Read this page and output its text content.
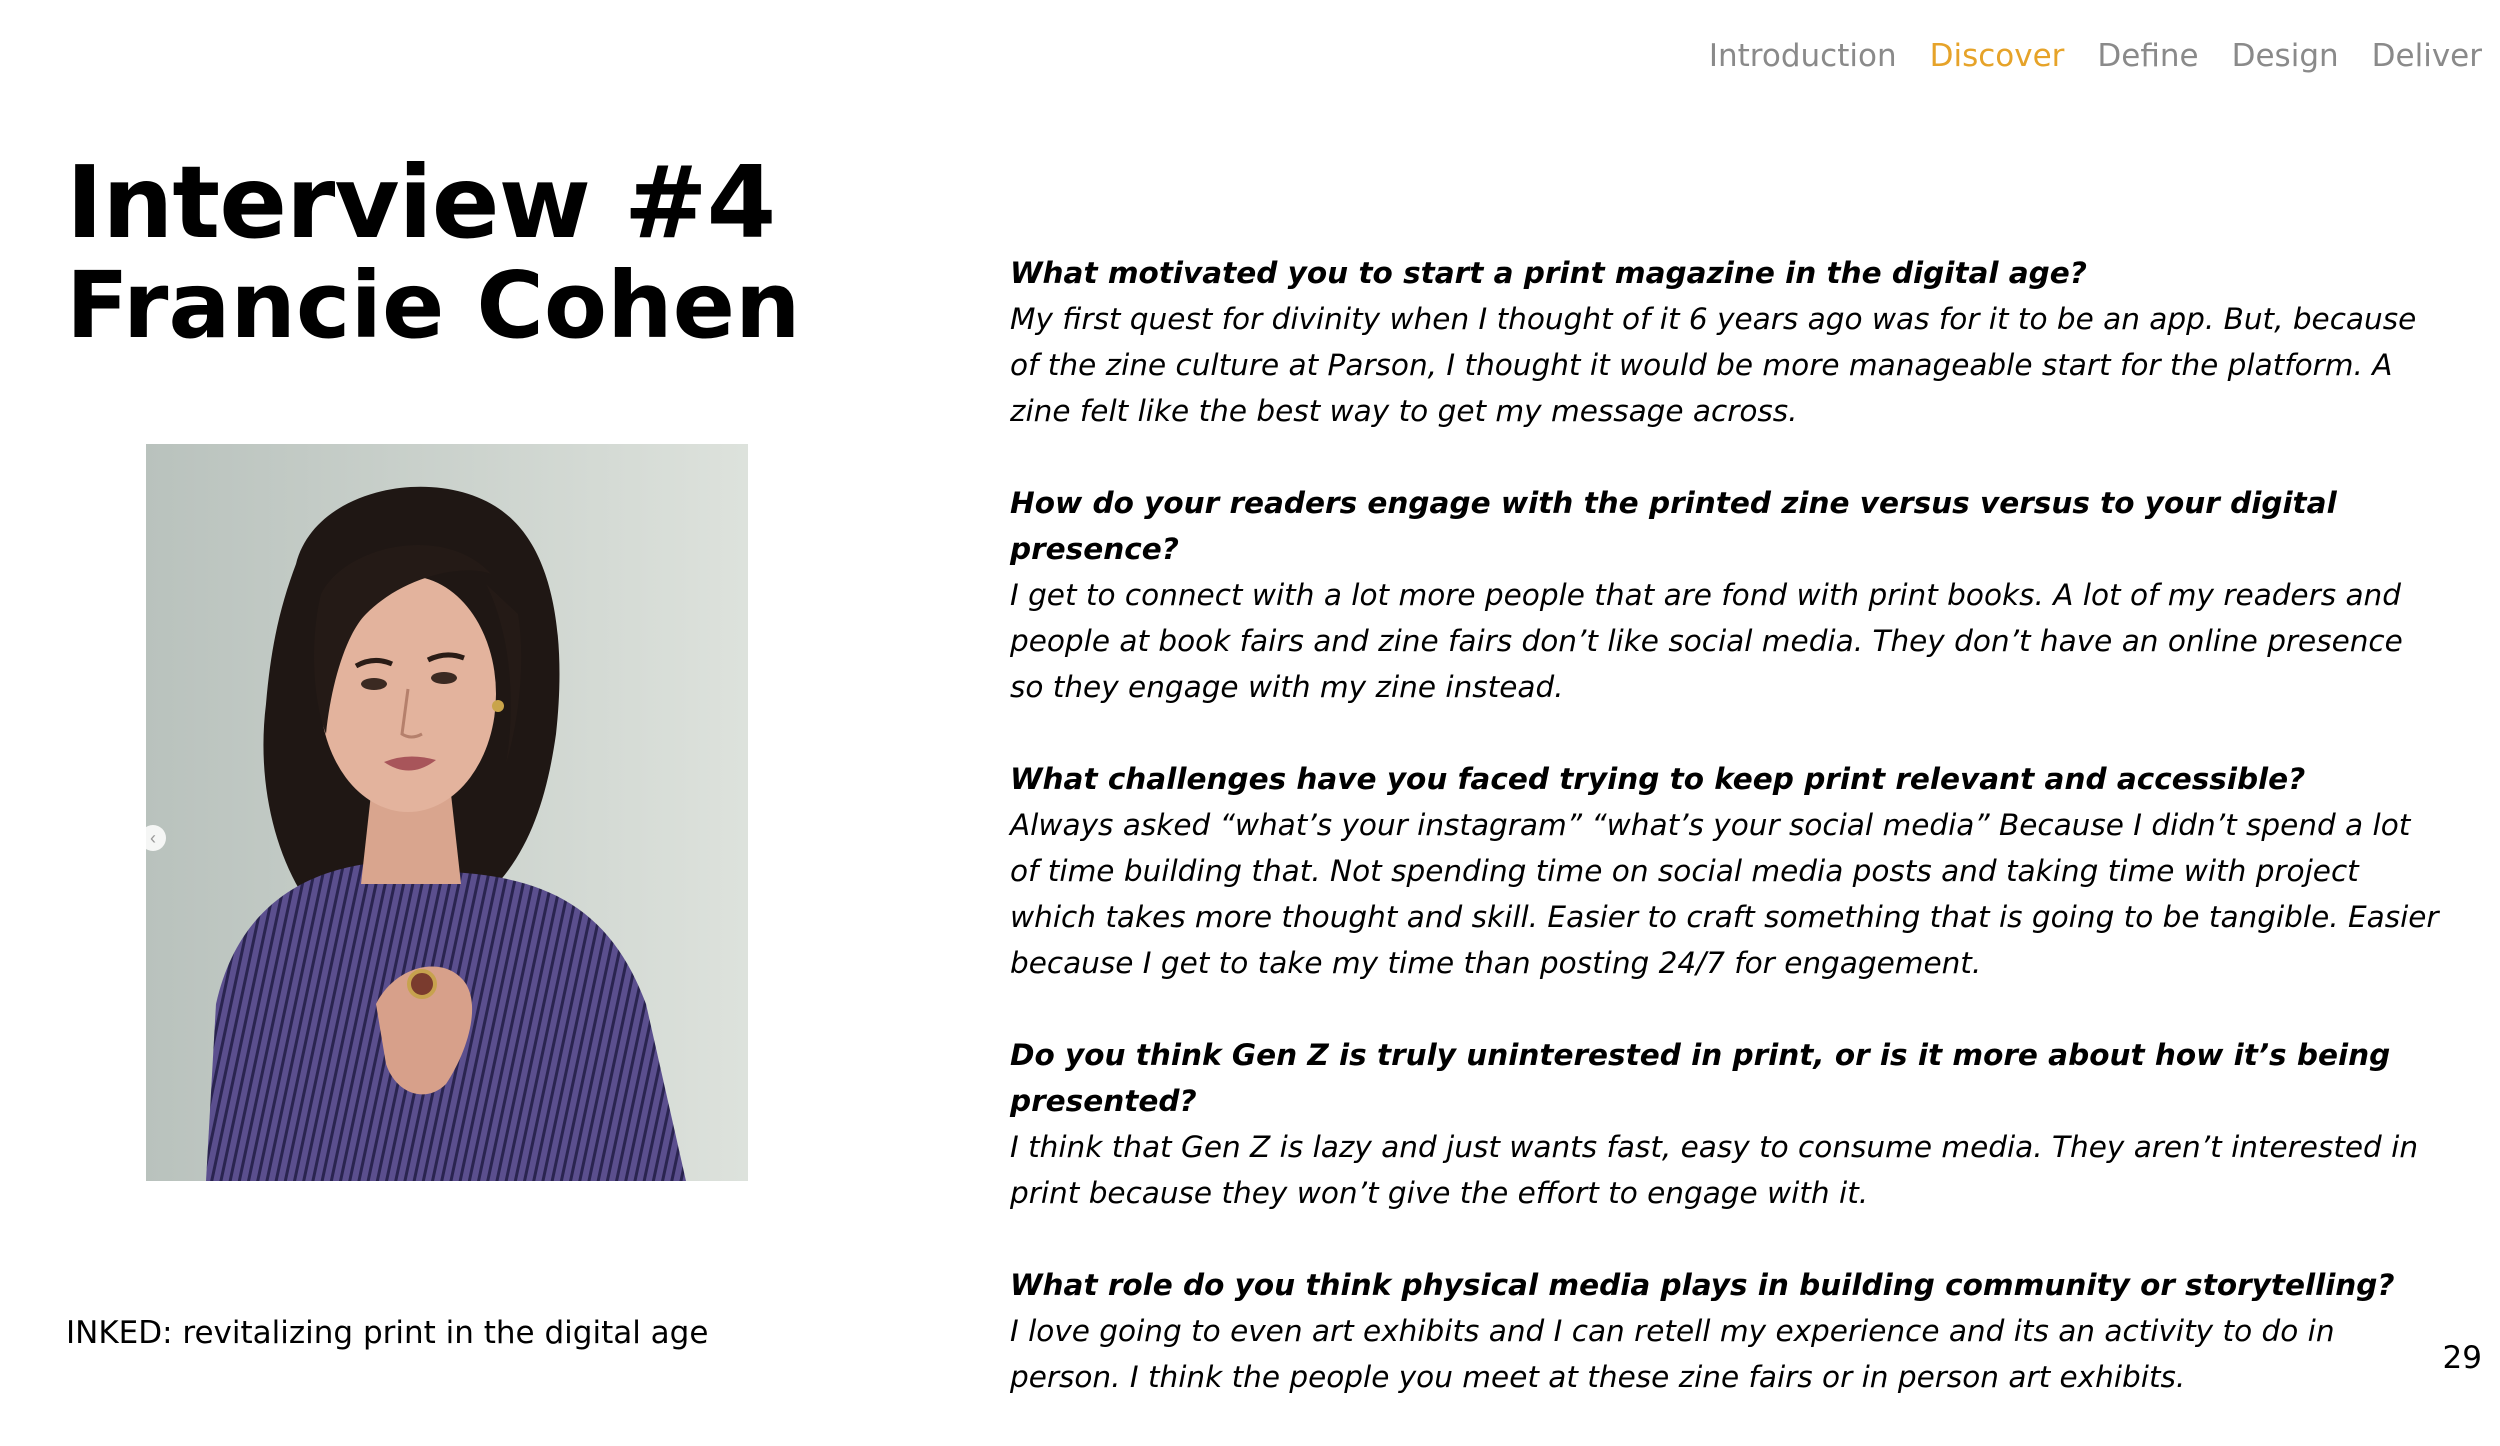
Introduction Discover Define Design Deliver
Interview #4
Francie Cohen
‹
What motivated you to start a print magazine in the digital age?
My first quest for divinity when I thought of it 6 years ago was for it to be an app. But, because of the zine culture at Parson, I thought it would be more manageable start for the platform. A zine felt like the best way to get my message across.
How do your readers engage with the printed zine versus versus to your digital presence?
I get to connect with a lot more people that are fond with print books. A lot of my readers and people at book fairs and zine fairs don’t like social media. They don’t have an online presence so they engage with my zine instead.
What challenges have you faced trying to keep print relevant and accessible?
Always asked “what’s your instagram” “what’s your social media” Because I didn’t spend a lot of time building that. Not spending time on social media posts and taking time with project which takes more thought and skill. Easier to craft something that is going to be tangible. Easier because I get to take my time than posting 24/7 for engagement.
Do you think Gen Z is truly uninterested in print, or is it more about how it’s being presented?
I think that Gen Z is lazy and just wants fast, easy to consume media. They aren’t interested in print because they won’t give the effort to engage with it.
What role do you think physical media plays in building community or storytelling?
I love going to even art exhibits and I can retell my experience and its an activity to do in person. I think the people you meet at these zine fairs or in person art exhibits.
INKED: revitalizing print in the digital age
29
